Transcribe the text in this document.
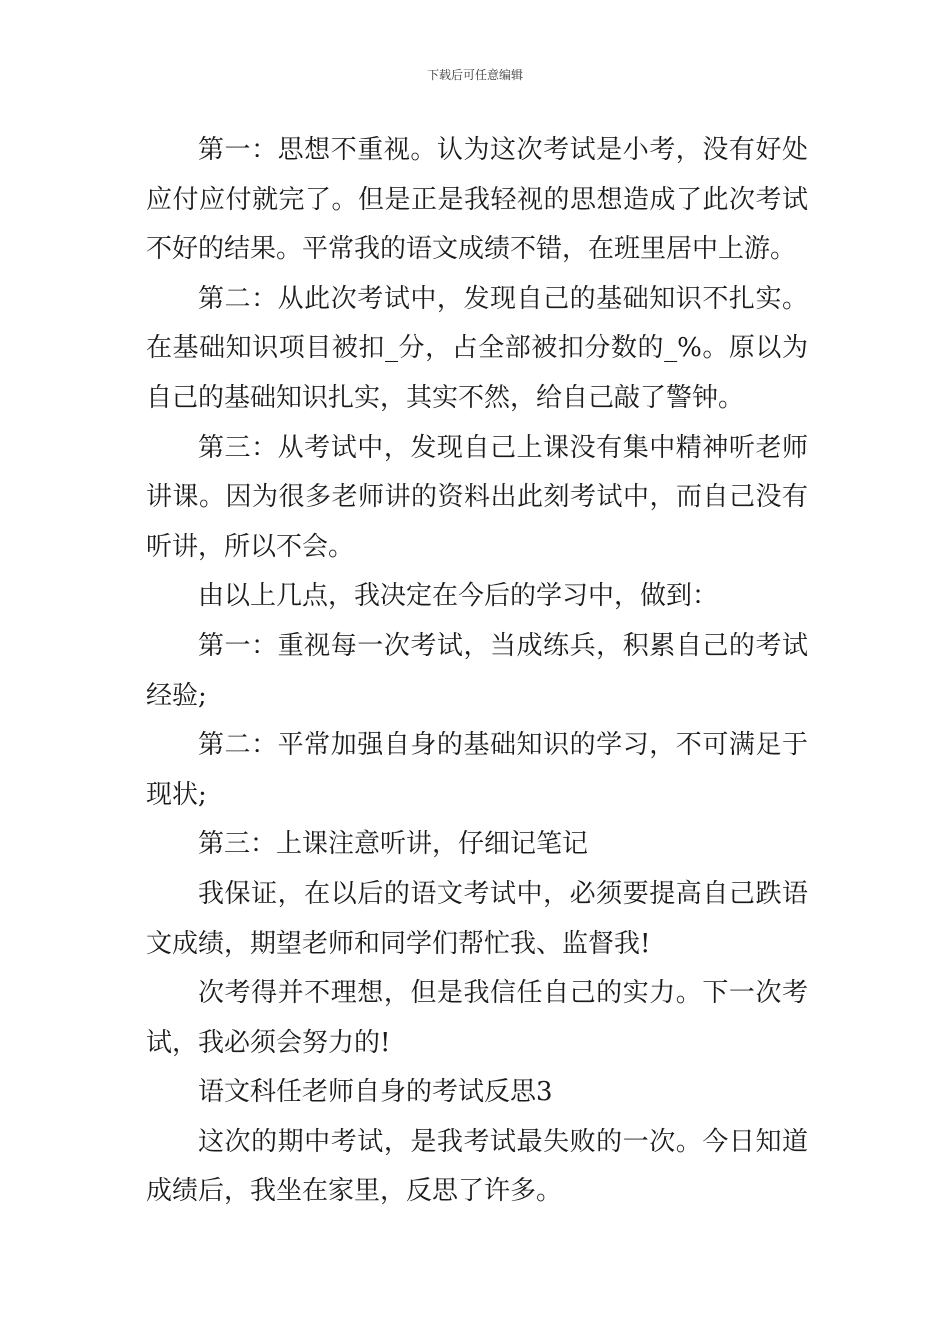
下载后可任意编辑

第一：思想不重视。认为这次考试是小考，没有好处应付应付就完了。但是正是我轻视的思想造成了此次考试不好的结果。平常我的语文成绩不错，在班里居中上游。

第二：从此次考试中，发现自己的基础知识不扎实。在基础知识项目被扣_分，占全部被扣分数的_%。原以为自己的基础知识扎实，其实不然，给自己敲了警钟。

第三：从考试中，发现自己上课没有集中精神听老师讲课。因为很多老师讲的资料出此刻考试中，而自己没有听讲，所以不会。

由以上几点，我决定在今后的学习中，做到：

第一：重视每一次考试，当成练兵，积累自己的考试经验;

第二：平常加强自身的基础知识的学习，不可满足于现状;

第三：上课注意听讲，仔细记笔记

我保证，在以后的语文考试中，必须要提高自己跌语文成绩，期望老师和同学们帮忙我、监督我!

次考得并不理想，但是我信任自己的实力。下一次考试，我必须会努力的!

语文科任老师自身的考试反思3

这次的期中考试，是我考试最失败的一次。今日知道成绩后，我坐在家里，反思了许多。
